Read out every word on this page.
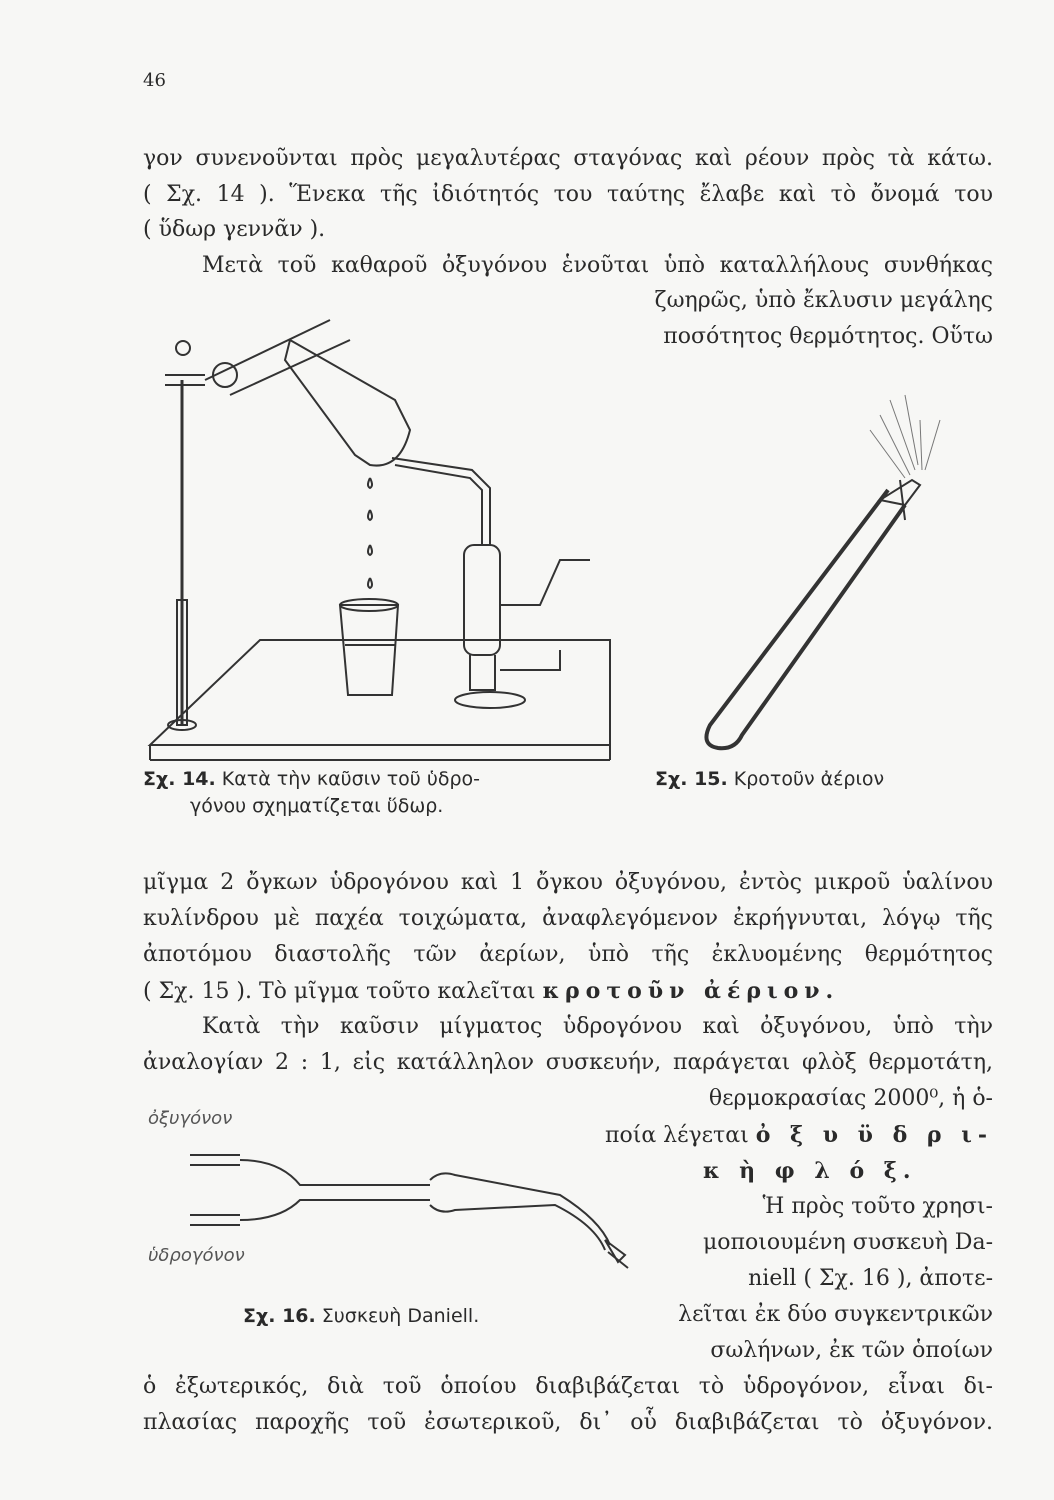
46
γον συνενοῦνται πρὸς μεγαλυτέρας σταγόνας καὶ ρέουν πρὸς τὰ κάτω.
( Σχ. 14 ). Ἕνεκα τῆς ἰδιότητός του ταύτης ἔλαβε καὶ τὸ ὄνομά του
( ὕδωρ γεννᾶν ).
Μετὰ τοῦ καθαροῦ ὀξυγόνου ἑνοῦται ὑπὸ καταλλήλους συνθήκας
ζωηρῶς, ὑπὸ ἔκλυσιν μεγάλης
ποσότητος θερμότητος. Οὕτω
Σχ. 14. Κατὰ τὴν καῦσιν τοῦ ὑδρο-
γόνου σχηματίζεται ὕδωρ.
Σχ. 15. Κροτοῦν ἀέριον
μῖγμα 2 ὄγκων ὑδρογόνου καὶ 1 ὄγκου ὀξυγόνου, ἐντὸς μικροῦ ὑαλίνου
κυλίνδρου μὲ παχέα τοιχώματα, ἀναφλεγόμενον ἐκρήγνυται, λόγῳ τῆς
ἀποτόμου διαστολῆς τῶν ἀερίων, ὑπὸ τῆς ἐκλυομένης θερμότητος
( Σχ. 15 ). Τὸ μῖγμα τοῦτο καλεῖται κροτοῦν ἀέριον.
Κατὰ τὴν καῦσιν μίγματος ὑδρογόνου καὶ ὀξυγόνου, ὑπὸ τὴν
ἀναλογίαν 2 : 1, εἰς κατάλληλον συσκευήν, παράγεται φλὸξ θερμοτάτη,
θερμοκρασίας 2000⁰, ἡ ὁ-
ποία λέγεται ὀ ξ υ ϋ δ ρ ι-
κ ὴ φ λ ό ξ.
Ἡ πρὸς τοῦτο χρησι-
μοποιουμένη συσκευὴ Da-
niell ( Σχ. 16 ), ἀποτε-
λεῖται ἐκ δύο συγκεντρικῶν
σωλήνων, ἐκ τῶν ὁποίων
ὁ ἐξωτερικός, διὰ τοῦ ὁποίου διαβιβάζεται τὸ ὑδρογόνον, εἶναι δι-
πλασίας παροχῆς τοῦ ἐσωτερικοῦ, δι᾽ οὗ διαβιβάζεται τὸ ὀξυγόνον.
ὀξυγόνον
ὑδρογόνον
Σχ. 16. Συσκευὴ Daniell.
